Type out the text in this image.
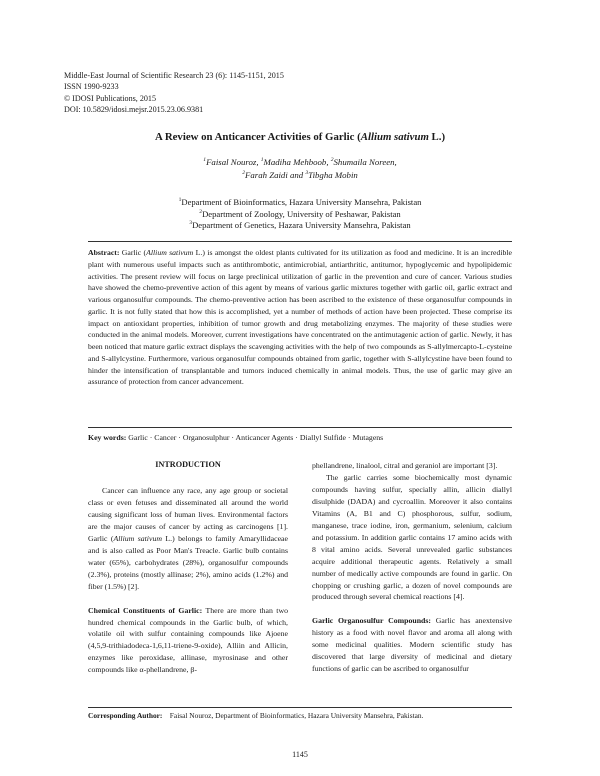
Middle-East Journal of Scientific Research 23 (6): 1145-1151, 2015
ISSN 1990-9233
© IDOSI Publications, 2015
DOI: 10.5829/idosi.mejsr.2015.23.06.9381
A Review on Anticancer Activities of Garlic (Allium sativum L.)
$^1$Faisal Nouroz, $^1$Madiha Mehboob, $^2$Shumaila Noreen,
$^2$Farah Zaidi and $^3$Tibgha Mobin
$^1$Department of Bioinformatics, Hazara University Mansehra, Pakistan
$^2$Department of Zoology, University of Peshawar, Pakistan
$^3$Department of Genetics, Hazara University Mansehra, Pakistan
Abstract: Garlic (Allium sativum L.) is amongst the oldest plants cultivated for its utilization as food and medicine. It is an incredible plant with numerous useful impacts such as antithrombotic, antimicrobial, antiarthritic, antitumor, hypoglycemic and hypolipidemic activities. The present review will focus on large preclinical utilization of garlic in the prevention and cure of cancer. Various studies have showed the chemo-preventive action of this agent by means of various garlic mixtures together with garlic oil, garlic extract and various organosulfur compounds. The chemo-preventive action has been ascribed to the existence of these organosulfur compounds in garlic. It is not fully stated that how this is accomplished, yet a number of methods of action have been projected. These comprise its impact on antioxidant properties, inhibition of tumor growth and drug metabolizing enzymes. The majority of these studies were conducted in the animal models. Moreover, current investigations have concentrated on the antimutagenic action of garlic. Newly, it has been noticed that mature garlic extract displays the scavenging activities with the help of two compounds as S-allylmercapto-L-cysteine and S-allylcystine. Furthermore, various organosulfur compounds obtained from garlic, together with S-allylcystine have been found to hinder the intensification of transplantable and tumors induced chemically in animal models. Thus, the use of garlic may give an assurance of protection from cancer advancement.
Key words: Garlic · Cancer · Organosulphur · Anticancer Agents · Diallyl Sulfide · Mutagens
INTRODUCTION

Cancer can influence any race, any age group or societal class or even fetuses and disseminated all around the world causing significant loss of human lives. Environmental factors are the major causes of cancer by acting as carcinogens [1]. Garlic (Allium sativum L.) belongs to family Amaryllidaceae and is also called as Poor Man's Treacle. Garlic bulb contains water (65%), carbohydrates (28%), organosulfur compounds (2.3%), proteins (mostly allinase; 2%), amino acids (1.2%) and fiber (1.5%) [2].

Chemical Constituents of Garlic: There are more than two hundred chemical compounds in the Garlic bulb, of which, volatile oil with sulfur containing compounds like Ajoene (4,5,9-trithiadodeca-1,6,11-triene-9-oxide), Alliin and Allicin, enzymes like peroxidase, allinase, myrosinase and other compounds like α-phellandrene, β-

phellandrene, linalool, citral and geraniol are important [3].

The garlic carries some biochemically most dynamic compounds having sulfur, specially allin, allicin diallyl disulphide (DADA) and cycroallin. Moreover it also contains Vitamins (A, B1 and C) phosphorous, sulfur, sodium, manganese, trace iodine, iron, germanium, selenium, calcium and potassium. In addition garlic contains 17 amino acids with 8 vital amino acids. Several unrevealed garlic substances acquire additional therapeutic agents. Relatively a small number of medically active compounds are found in garlic. On chopping or crushing garlic, a dozen of novel compounds are produced through several chemical reactions [4].

Garlic Organosulfur Compounds: Garlic has anextensive history as a food with novel flavor and aroma all along with some medicinal qualities. Modern scientific study has discovered that large diversity of medicinal and dietary functions of garlic can be ascribed to organosulfur

Corresponding Author: Faisal Nouroz, Department of Bioinformatics, Hazara University Mansehra, Pakistan.
1145
